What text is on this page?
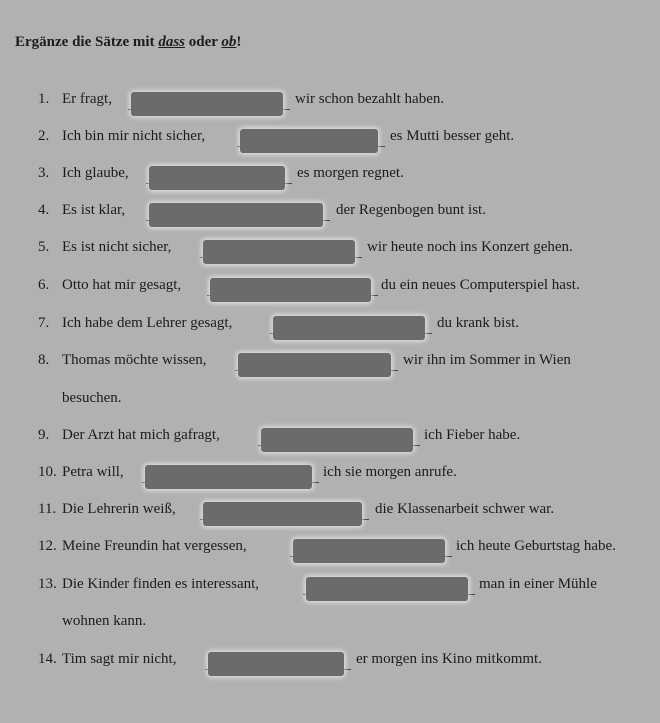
Ergänze die Sätze mit dass oder ob!
1. Er fragt,	wir schon bezahlt haben.
2. Ich bin mir nicht sicher,	es Mutti besser geht.
3. Ich glaube,	es morgen regnet.
4. Es ist klar,	der Regenbogen bunt ist.
5. Es ist nicht sicher,	wir heute noch ins Konzert gehen.
6. Otto hat mir gesagt,	du ein neues Computerspiel hast.
7. Ich habe dem Lehrer gesagt,	du krank bist.
8. Thomas möchte wissen,	wir ihn im Sommer in Wien
besuchen.
9. Der Arzt hat mich gafragt,	ich Fieber habe.
10. Petra will,	ich sie morgen anrufe.
11. Die Lehrerin weiß,	die Klassenarbeit schwer war.
12. Meine Freundin hat vergessen,	ich heute Geburtstag habe.
13. Die Kinder finden es interessant,	man in einer Mühle
wohnen kann.
14. Tim sagt mir nicht,	er morgen ins Kino mitkommt.
